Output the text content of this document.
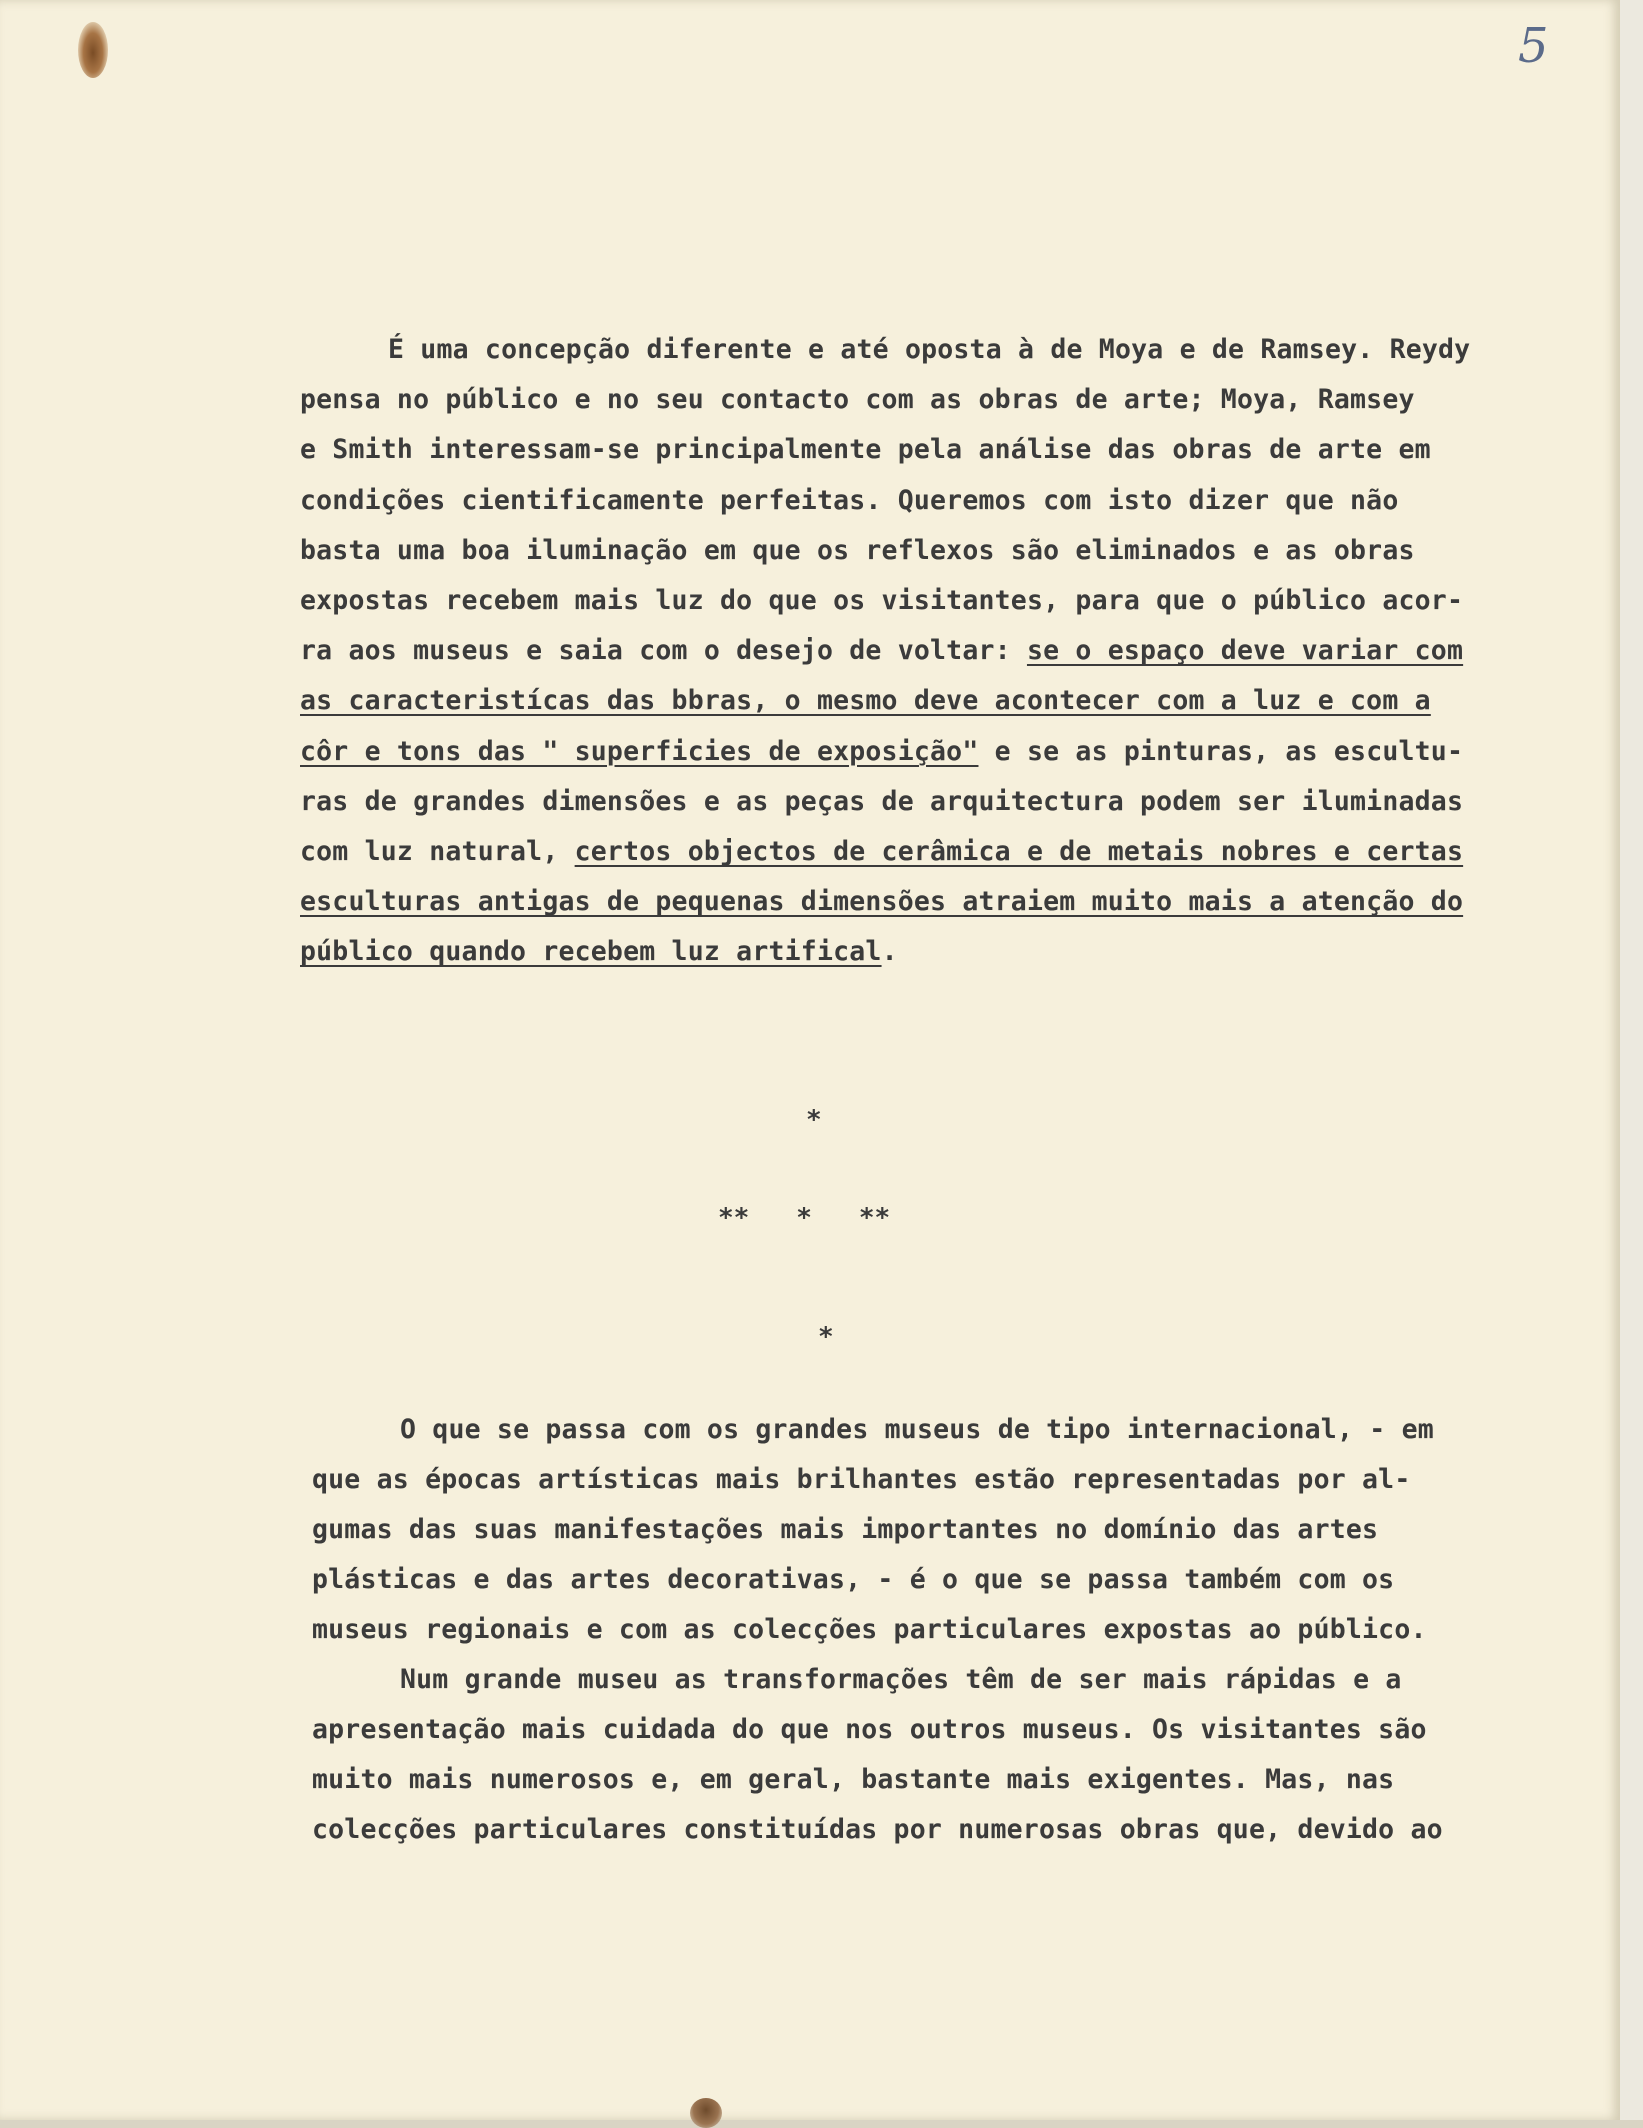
5
É uma concepção diferente e até oposta à de Moya e de Ramsey. Reydy
pensa no público e no seu contacto com as obras de arte; Moya, Ramsey
e Smith interessam-se principalmente pela análise das obras de arte em
condições cientificamente perfeitas. Queremos com isto dizer que não
basta uma boa iluminação em que os reflexos são eliminados e as obras
expostas recebem mais luz do que os visitantes, para que o público acor-
ra aos museus e saia com o desejo de voltar: se o espaço deve variar com
as caracteristícas das bbras, o mesmo deve acontecer com a luz e com a
côr e tons das " superficies de exposição" e se as pinturas, as escultu-
ras de grandes dimensões e as peças de arquitectura podem ser iluminadas
com luz natural, certos objectos de cerâmica e de metais nobres e certas
esculturas antigas de pequenas dimensões atraiem muito mais a atenção do
público quando recebem luz artifical.
*
**   *   **
*
O que se passa com os grandes museus de tipo internacional, - em
que as épocas artísticas mais brilhantes estão representadas por al-
gumas das suas manifestações mais importantes no domínio das artes
plásticas e das artes decorativas, - é o que se passa também com os
museus regionais e com as colecções particulares expostas ao público.
Num grande museu as transformações têm de ser mais rápidas e a
apresentação mais cuidada do que nos outros museus. Os visitantes são
muito mais numerosos e, em geral, bastante mais exigentes. Mas, nas
colecções particulares constituídas por numerosas obras que, devido ao
